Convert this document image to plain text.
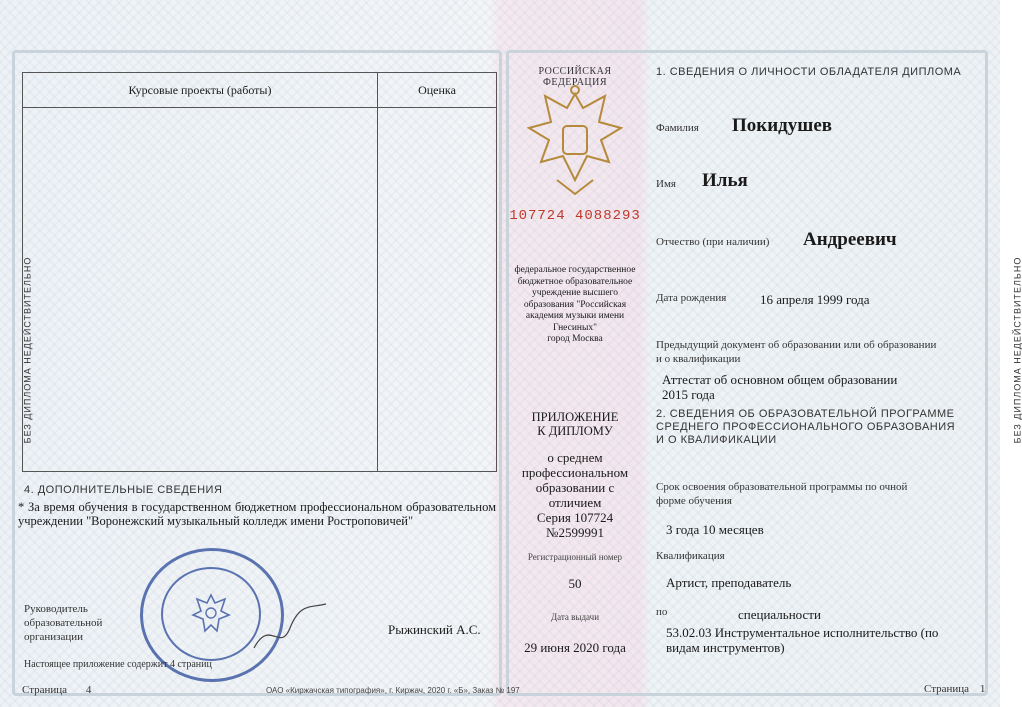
БЕЗ ДИПЛОМА НЕДЕЙСТВИТЕЛЬНО	БЕЗ ДИПЛОМА НЕДЕЙСТВИТЕЛЬНО
Курсовые проекты (работы)	Оценка
4. ДОПОЛНИТЕЛЬНЫЕ СВЕДЕНИЯ
* За время обучения в государственном бюджетном профессиональном образовательном учреждении "Воронежский музыкальный колледж имени Ростроповичей"
Руководитель
образовательной
организации	Рыжинский А.С.
Настоящее приложение содержит 4 страниц
Страница 4	ОАО «Киржачская типография», г. Киржач, 2020 г. «Б», Заказ № 197
РОССИЙСКАЯ ФЕДЕРАЦИЯ
107724 4088293
федеральное государственное
бюджетное образовательное
учреждение высшего
образования "Российская
академия музыки имени
Гнесиных"
город Москва
ПРИЛОЖЕНИЕ
К ДИПЛОМУ
о среднем
профессиональном
образовании с
отличием
Серия 107724
№2599991
Регистрационный номер
50
Дата выдачи
29 июня 2020 года
1. СВЕДЕНИЯ О ЛИЧНОСТИ ОБЛАДАТЕЛЯ ДИПЛОМА
Фамилия Покидушев
Имя Илья
Отчество (при наличии) Андреевич
Дата рождения	16 апреля 1999 года
Предыдущий документ об образовании или об образовании
и о квалификации
Аттестат об основном общем образовании
2015 года
2. СВЕДЕНИЯ ОБ ОБРАЗОВАТЕЛЬНОЙ ПРОГРАММЕ
СРЕДНЕГО ПРОФЕССИОНАЛЬНОГО ОБРАЗОВАНИЯ
И О КВАЛИФИКАЦИИ
Срок освоения образовательной программы по очной
форме обучения
3 года 10 месяцев
Квалификация
Артист, преподаватель
по	специальности
53.02.03 Инструментальное исполнительство (по
видам инструментов)
Страница 1
